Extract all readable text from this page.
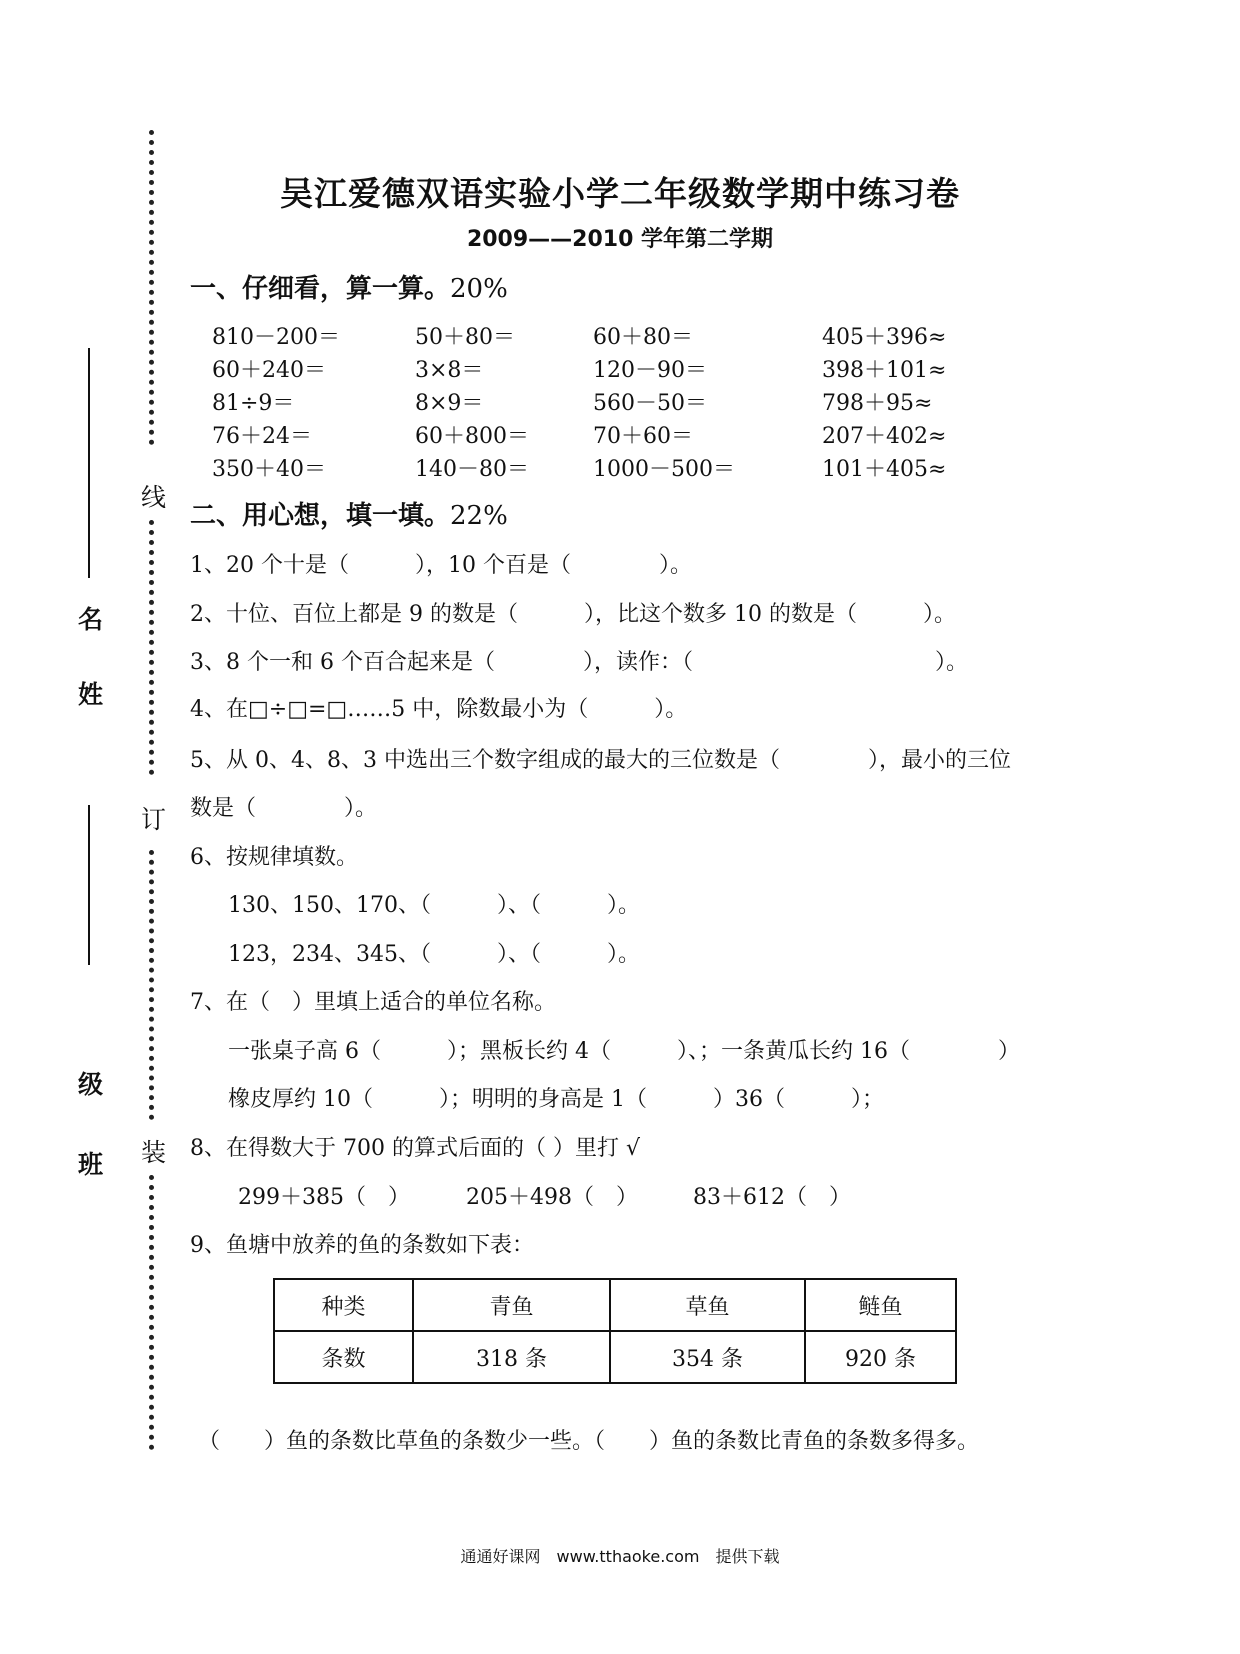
线
订
装
名
姓
级
班
吴江爱德双语实验小学二年级数学期中练习卷
2009——2010 学年第二学期
一、仔细看，算一算。20%
810－200＝	50＋80＝	60＋80＝	405＋396≈
60＋240＝	3×8＝	120－90＝	398＋101≈
81÷9＝	8×9＝	560－50＝	798＋95≈
76＋24＝	60＋800＝	70＋60＝	207＋402≈
350＋40＝	140－80＝	1000－500＝	101＋405≈
二、用心想，填一填。22%
1、20 个十是（　　　），10 个百是（　　　　）。
2、十位、百位上都是 9 的数是（　　　），比这个数多 10 的数是（　　　）。
3、8 个一和 6 个百合起来是（　　　　），读作：（　　　　　　　　　　　）。
4、在□÷□=□……5 中，除数最小为（　　　）。
5、从 0、4、8、3 中选出三个数字组成的最大的三位数是（　　　　），最小的三位
数是（　　　　）。
6、按规律填数。
130、150、170、（　　　）、（　　　）。
123，234、345、（　　　）、（　　　）。
7、在（　）里填上适合的单位名称。
一张桌子高 6（　　　）；黑板长约 4（　　　）、；一条黄瓜长约 16（　　　　）
橡皮厚约 10（　　　）；明明的身高是 1（　　　）36（　　　）；
8、在得数大于 700 的算式后面的（ ）里打 √
299＋385（　）	205＋498（　）	83＋612（　）
9、鱼塘中放养的鱼的条数如下表：
种类	青鱼	草鱼	鲢鱼
条数	318 条	354 条	920 条
（　　）鱼的条数比草鱼的条数少一些。（　　）鱼的条数比青鱼的条数多得多。
通通好课网　www.tthaoke.com　提供下载
